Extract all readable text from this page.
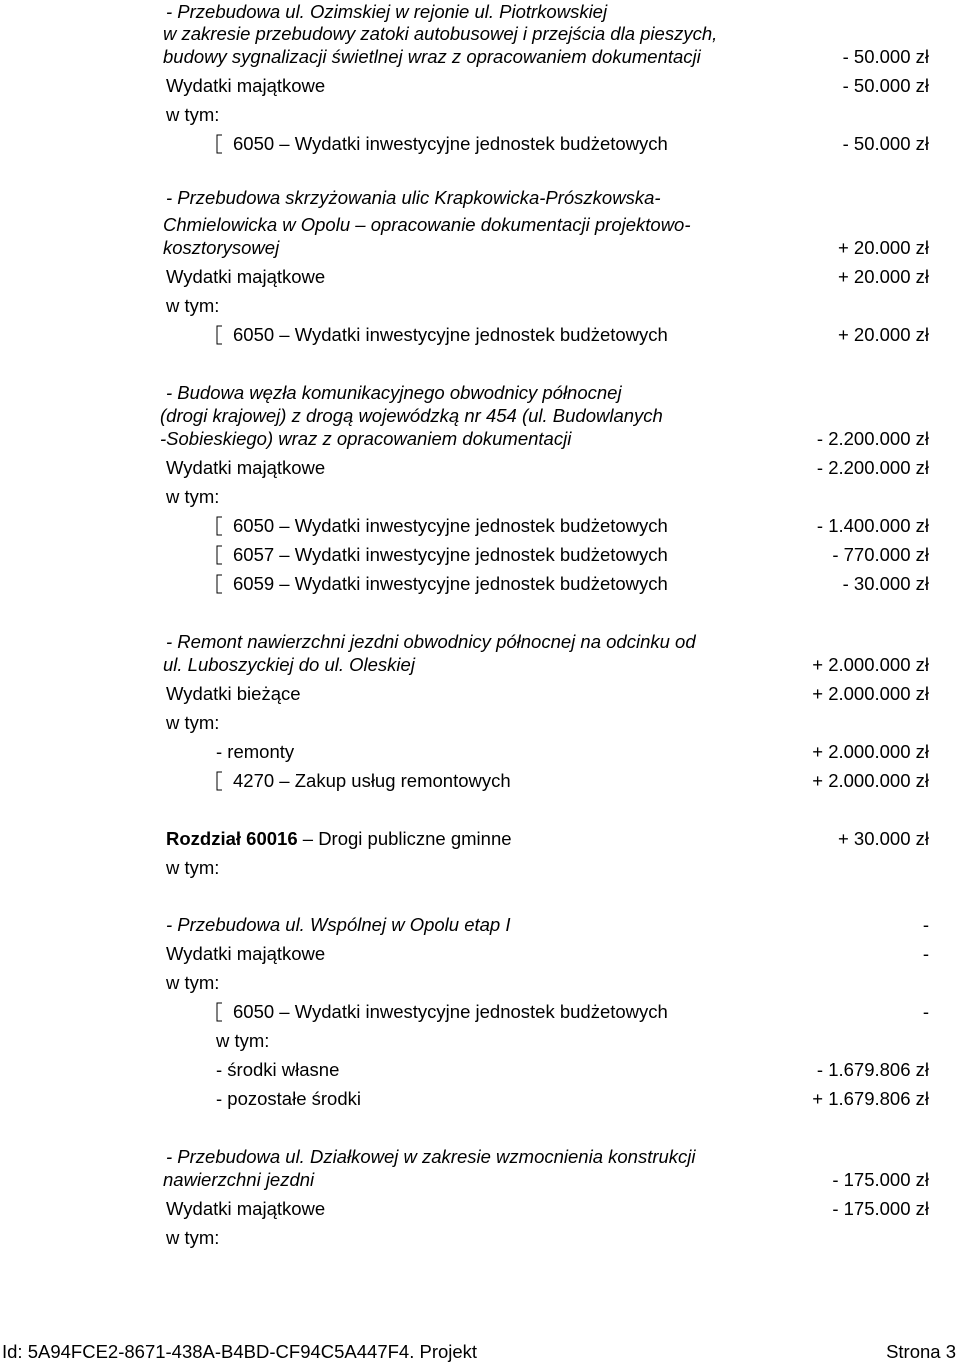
- Przebudowa ul. Ozimskiej w rejonie ul. Piotrkowskiej
w zakresie przebudowy zatoki autobusowej i przejścia dla pieszych,
budowy sygnalizacji świetlnej wraz z opracowaniem dokumentacji	- 50.000 zł
Wydatki majątkowe	- 50.000 zł
w tym:
6050 – Wydatki inwestycyjne jednostek budżetowych	- 50.000 zł
- Przebudowa skrzyżowania ulic Krapkowicka-Prószkowska-
Chmielowicka w Opolu – opracowanie dokumentacji projektowo-
kosztorysowej	+ 20.000 zł
Wydatki majątkowe	+ 20.000 zł
w tym:
6050 – Wydatki inwestycyjne jednostek budżetowych	+ 20.000 zł
- Budowa węzła komunikacyjnego obwodnicy północnej
(drogi krajowej) z drogą wojewódzką nr 454 (ul. Budowlanych
-Sobieskiego) wraz z opracowaniem dokumentacji	- 2.200.000 zł
Wydatki majątkowe	- 2.200.000 zł
w tym:
6050 – Wydatki inwestycyjne jednostek budżetowych	- 1.400.000 zł
6057 – Wydatki inwestycyjne jednostek budżetowych	- 770.000 zł
6059 – Wydatki inwestycyjne jednostek budżetowych	- 30.000 zł
- Remont nawierzchni jezdni obwodnicy północnej na odcinku od
ul. Luboszyckiej do ul. Oleskiej	+ 2.000.000 zł
Wydatki bieżące	+ 2.000.000 zł
w tym:
- remonty	+ 2.000.000 zł
4270 – Zakup usług remontowych	+ 2.000.000 zł
Rozdział 60016 – Drogi publiczne gminne	+ 30.000 zł
w tym:
- Przebudowa ul. Wspólnej w Opolu etap I	-
Wydatki majątkowe	-
w tym:
6050 – Wydatki inwestycyjne jednostek budżetowych	-
w tym:
- środki własne	- 1.679.806 zł
- pozostałe środki	+ 1.679.806 zł
- Przebudowa ul. Działkowej w zakresie wzmocnienia konstrukcji
nawierzchni jezdni	- 175.000 zł
Wydatki majątkowe	- 175.000 zł
w tym:
Id: 5A94FCE2-8671-438A-B4BD-CF94C5A447F4. Projekt	Strona 3
